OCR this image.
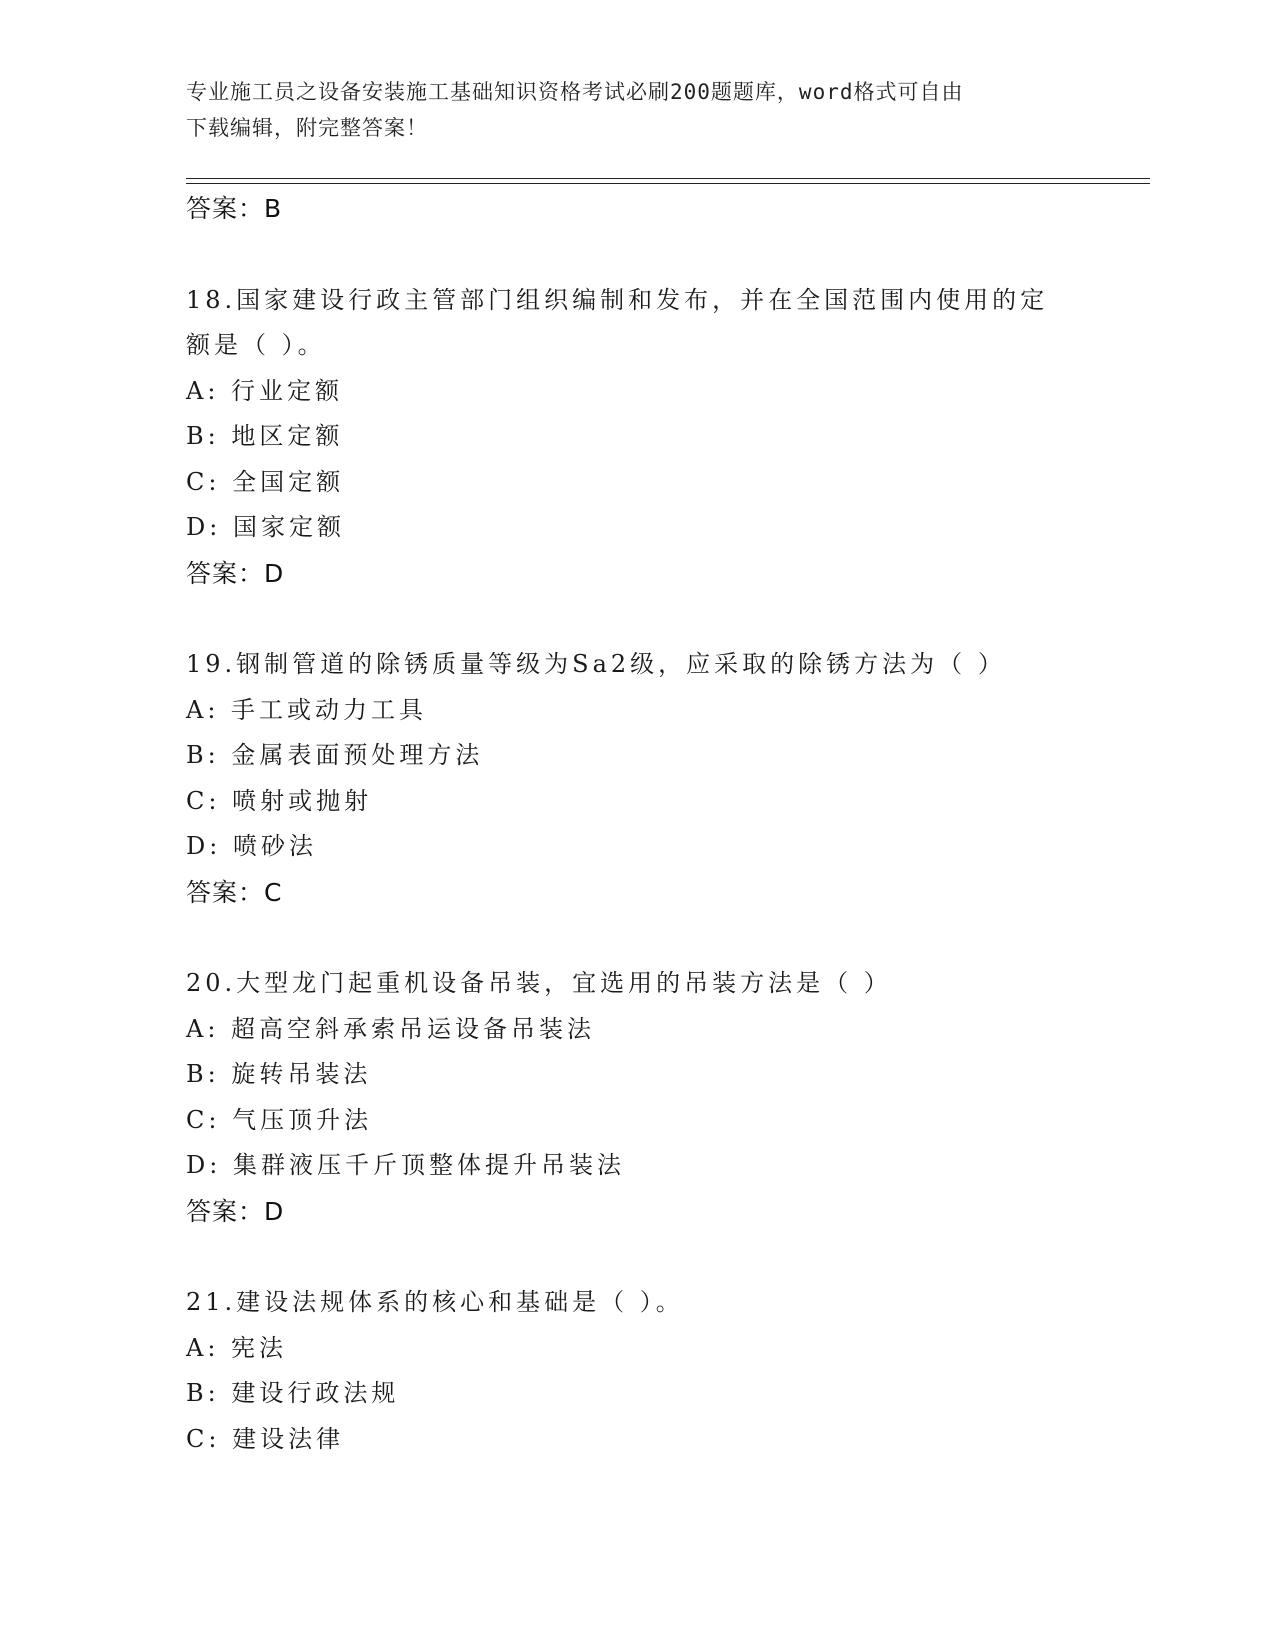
专业施工员之设备安装施工基础知识资格考试必刷200题题库，word格式可自由
下载编辑，附完整答案！
答案：B
18.国家建设行政主管部门组织编制和发布，并在全国范围内使用的定
额是（ ）。
A: 行业定额
B: 地区定额
C: 全国定额
D: 国家定额
答案：D
19.钢制管道的除锈质量等级为Sa2级，应采取的除锈方法为（ ）
A: 手工或动力工具
B: 金属表面预处理方法
C: 喷射或抛射
D: 喷砂法
答案：C
20.大型龙门起重机设备吊装，宜选用的吊装方法是（ ）
A: 超高空斜承索吊运设备吊装法
B: 旋转吊装法
C: 气压顶升法
D: 集群液压千斤顶整体提升吊装法
答案：D
21.建设法规体系的核心和基础是（ ）。
A: 宪法
B: 建设行政法规
C: 建设法律
